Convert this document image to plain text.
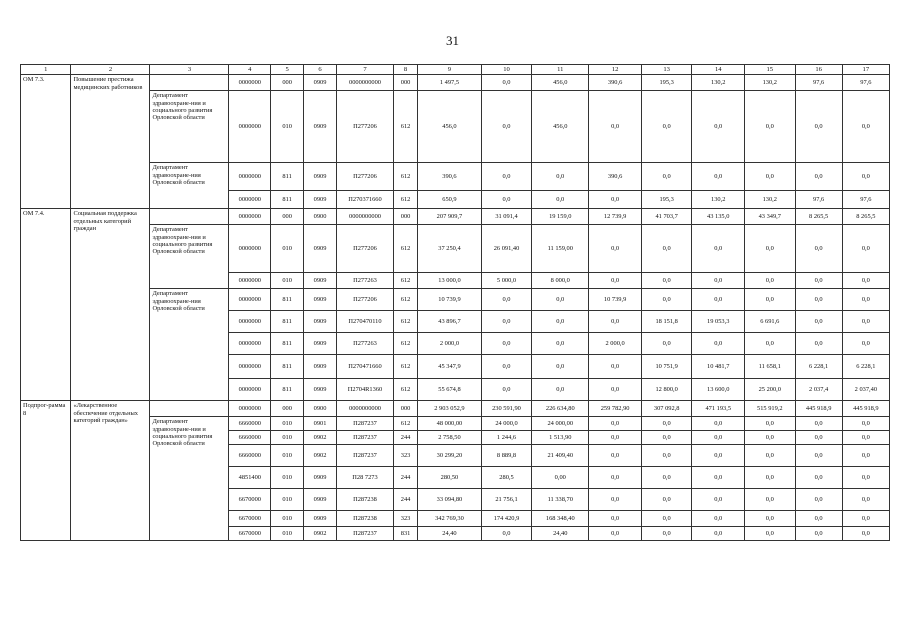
31
1	2	3	4	5	6	7	8	9	10	11	12	13	14	15	16	17
ОМ 7.3.	Повышение престижа медицинских работников		0000000	000	0909	0000000000	000	1 497,5	0,0	456,0	390,6	195,3	130,2	130,2	97,6	97,6
		Департамент здравоохране-ния и социального развития Орловской области	0000000	010	0909	П277206	612	456,0	0,0	456,0	0,0	0,0	0,0	0,0	0,0	0,0
		Департамент здравоохране-ния Орловской области	0000000	811	0909	П277206	612	390,6	0,0	0,0	390,6	0,0	0,0	0,0	0,0	0,0
			0000000	811	0909	П270371660	612	650,9	0,0	0,0	0,0	195,3	130,2	130,2	97,6	97,6
ОМ 7.4.	Социальная поддержка отдельных категорий граждан		0000000	000	0900	0000000000	000	207 909,7	31 091,4	19 159,0	12 739,9	41 703,7	43 135,0	43 349,7	8 265,5	8 265,5
		Департамент здравоохране-ния и социального развития Орловской области	0000000	010	0909	П277206	612	37 250,4	26 091,40	11 159,00	0,0	0,0	0,0	0,0	0,0	0,0
			0000000	010	0909	П277263	612	13 000,0	5 000,0	8 000,0	0,0	0,0	0,0	0,0	0,0	0,0
		Департамент здравоохране-ния Орловской области	0000000	811	0909	П277206	612	10 739,9	0,0	0,0	10 739,9	0,0	0,0	0,0	0,0	0,0
			0000000	811	0909	П270470110	612	43 896,7	0,0	0,0	0,0	18 151,8	19 053,3	6 691,6	0,0	0,0
			0000000	811	0909	П277263	612	2 000,0	0,0	0,0	2 000,0	0,0	0,0	0,0	0,0	0,0
			0000000	811	0909	П270471660	612	45 347,9	0,0	0,0	0,0	10 751,9	10 481,7	11 658,1	6 228,1	6 228,1
			0000000	811	0909	П2704R1360	612	55 674,8	0,0	0,0	0,0	12 800,0	13 600,0	25 200,0	2 037,4	2 037,40
Подпрог-рамма 8	«Лекарственное обеспечение отдельных категорий граждан»		0000000	000	0900	0000000000	000	2 903 052,9	230 591,90	226 634,80	259 782,90	307 092,8	471 193,5	515 919,2	445 918,9	445 918,9
		Департамент здравоохране-ния и социального развития Орловской области	6660000	010	0901	П287237	612	48 000,00	24 000,0	24 000,00	0,0	0,0	0,0	0,0	0,0	0,0
			6660000	010	0902	П287237	244	2 758,50	1 244,6	1 513,90	0,0	0,0	0,0	0,0	0,0	0,0
			6660000	010	0902	П287237	323	30 299,20	8 889,8	21 409,40	0,0	0,0	0,0	0,0	0,0	0,0
			4851400	010	0909	П28 7273	244	280,50	280,5	0,00	0,0	0,0	0,0	0,0	0,0	0,0
			6670000	010	0909	П287238	244	33 094,80	21 756,1	11 338,70	0,0	0,0	0,0	0,0	0,0	0,0
			6670000	010	0909	П287238	323	342 769,30	174 420,9	168 348,40	0,0	0,0	0,0	0,0	0,0	0,0
			6670000	010	0902	П287237	831	24,40	0,0	24,40	0,0	0,0	0,0	0,0	0,0	0,0
